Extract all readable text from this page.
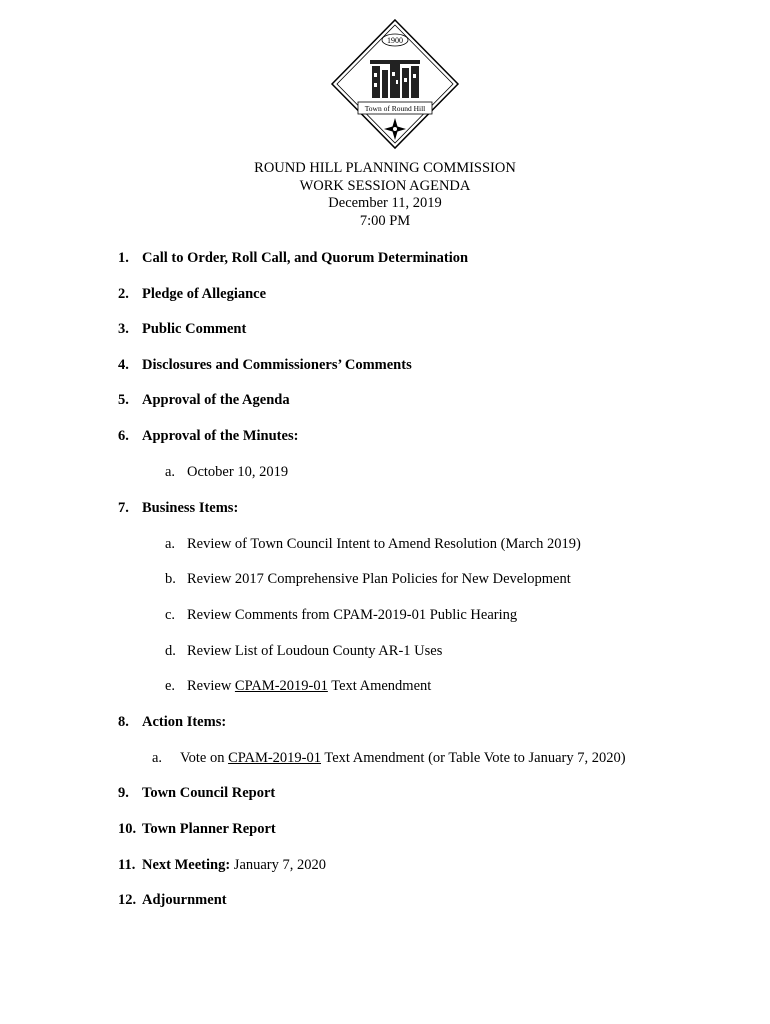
1900
Town of Round Hill
ROUND HILL PLANNING COMMISSION
WORK SESSION AGENDA
December 11, 2019
7:00 PM
1. Call to Order, Roll Call, and Quorum Determination
2. Pledge of Allegiance
3. Public Comment
4. Disclosures and Commissioners’ Comments
5. Approval of the Agenda
6. Approval of the Minutes:
a. October 10, 2019
7. Business Items:
a. Review of Town Council Intent to Amend Resolution (March 2019)
b. Review 2017 Comprehensive Plan Policies for New Development
c. Review Comments from CPAM-2019-01 Public Hearing
d. Review List of Loudoun County AR-1 Uses
e. Review CPAM-2019-01 Text Amendment
8. Action Items:
a. Vote on CPAM-2019-01 Text Amendment (or Table Vote to January 7, 2020)
9. Town Council Report
10. Town Planner Report
11. Next Meeting: January 7, 2020
12. Adjournment
